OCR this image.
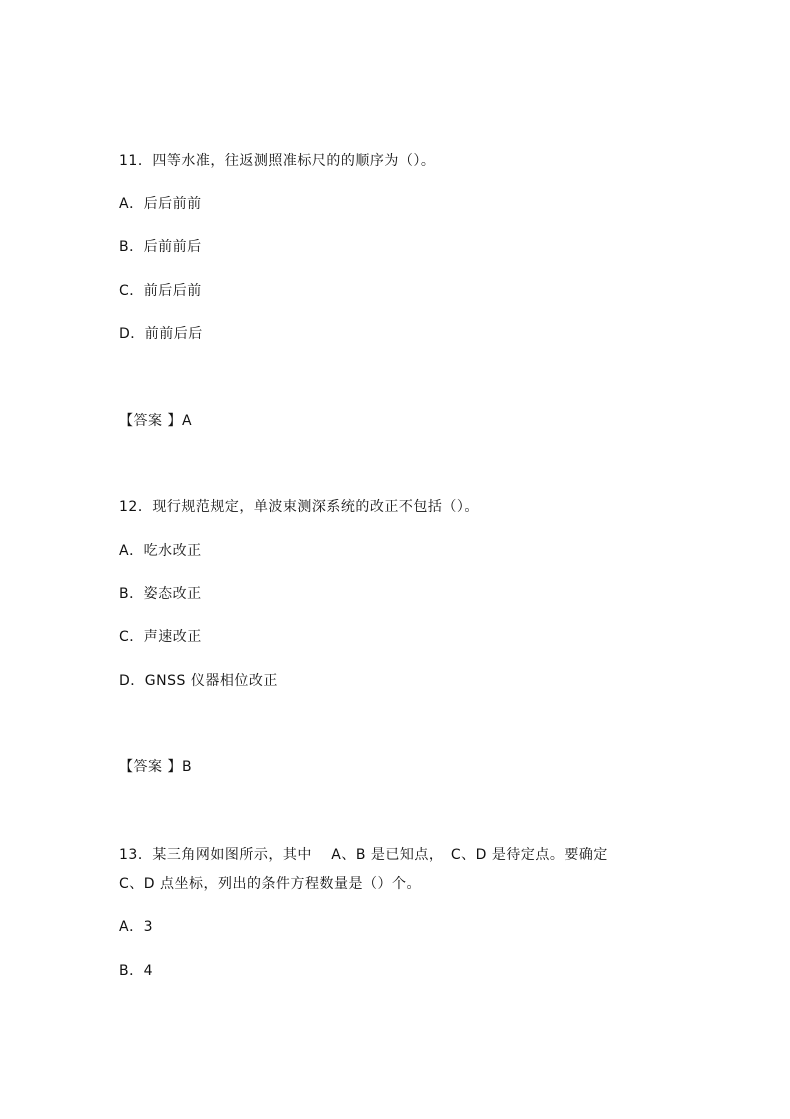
11．四等水准，往返测照准标尺的的顺序为（）。
A．后后前前
B．后前前后
C．前后后前
D．前前后后
【答案 】A
12．现行规范规定，单波束测深系统的改正不包括（）。
A．吃水改正
B．姿态改正
C．声速改正
D．GNSS 仪器相位改正
【答案 】B
13．某三角网如图所示，其中　 A、B 是已知点，　C、D 是待定点。要确定
C、D 点坐标，列出的条件方程数量是（）个。
A．3
B．4
